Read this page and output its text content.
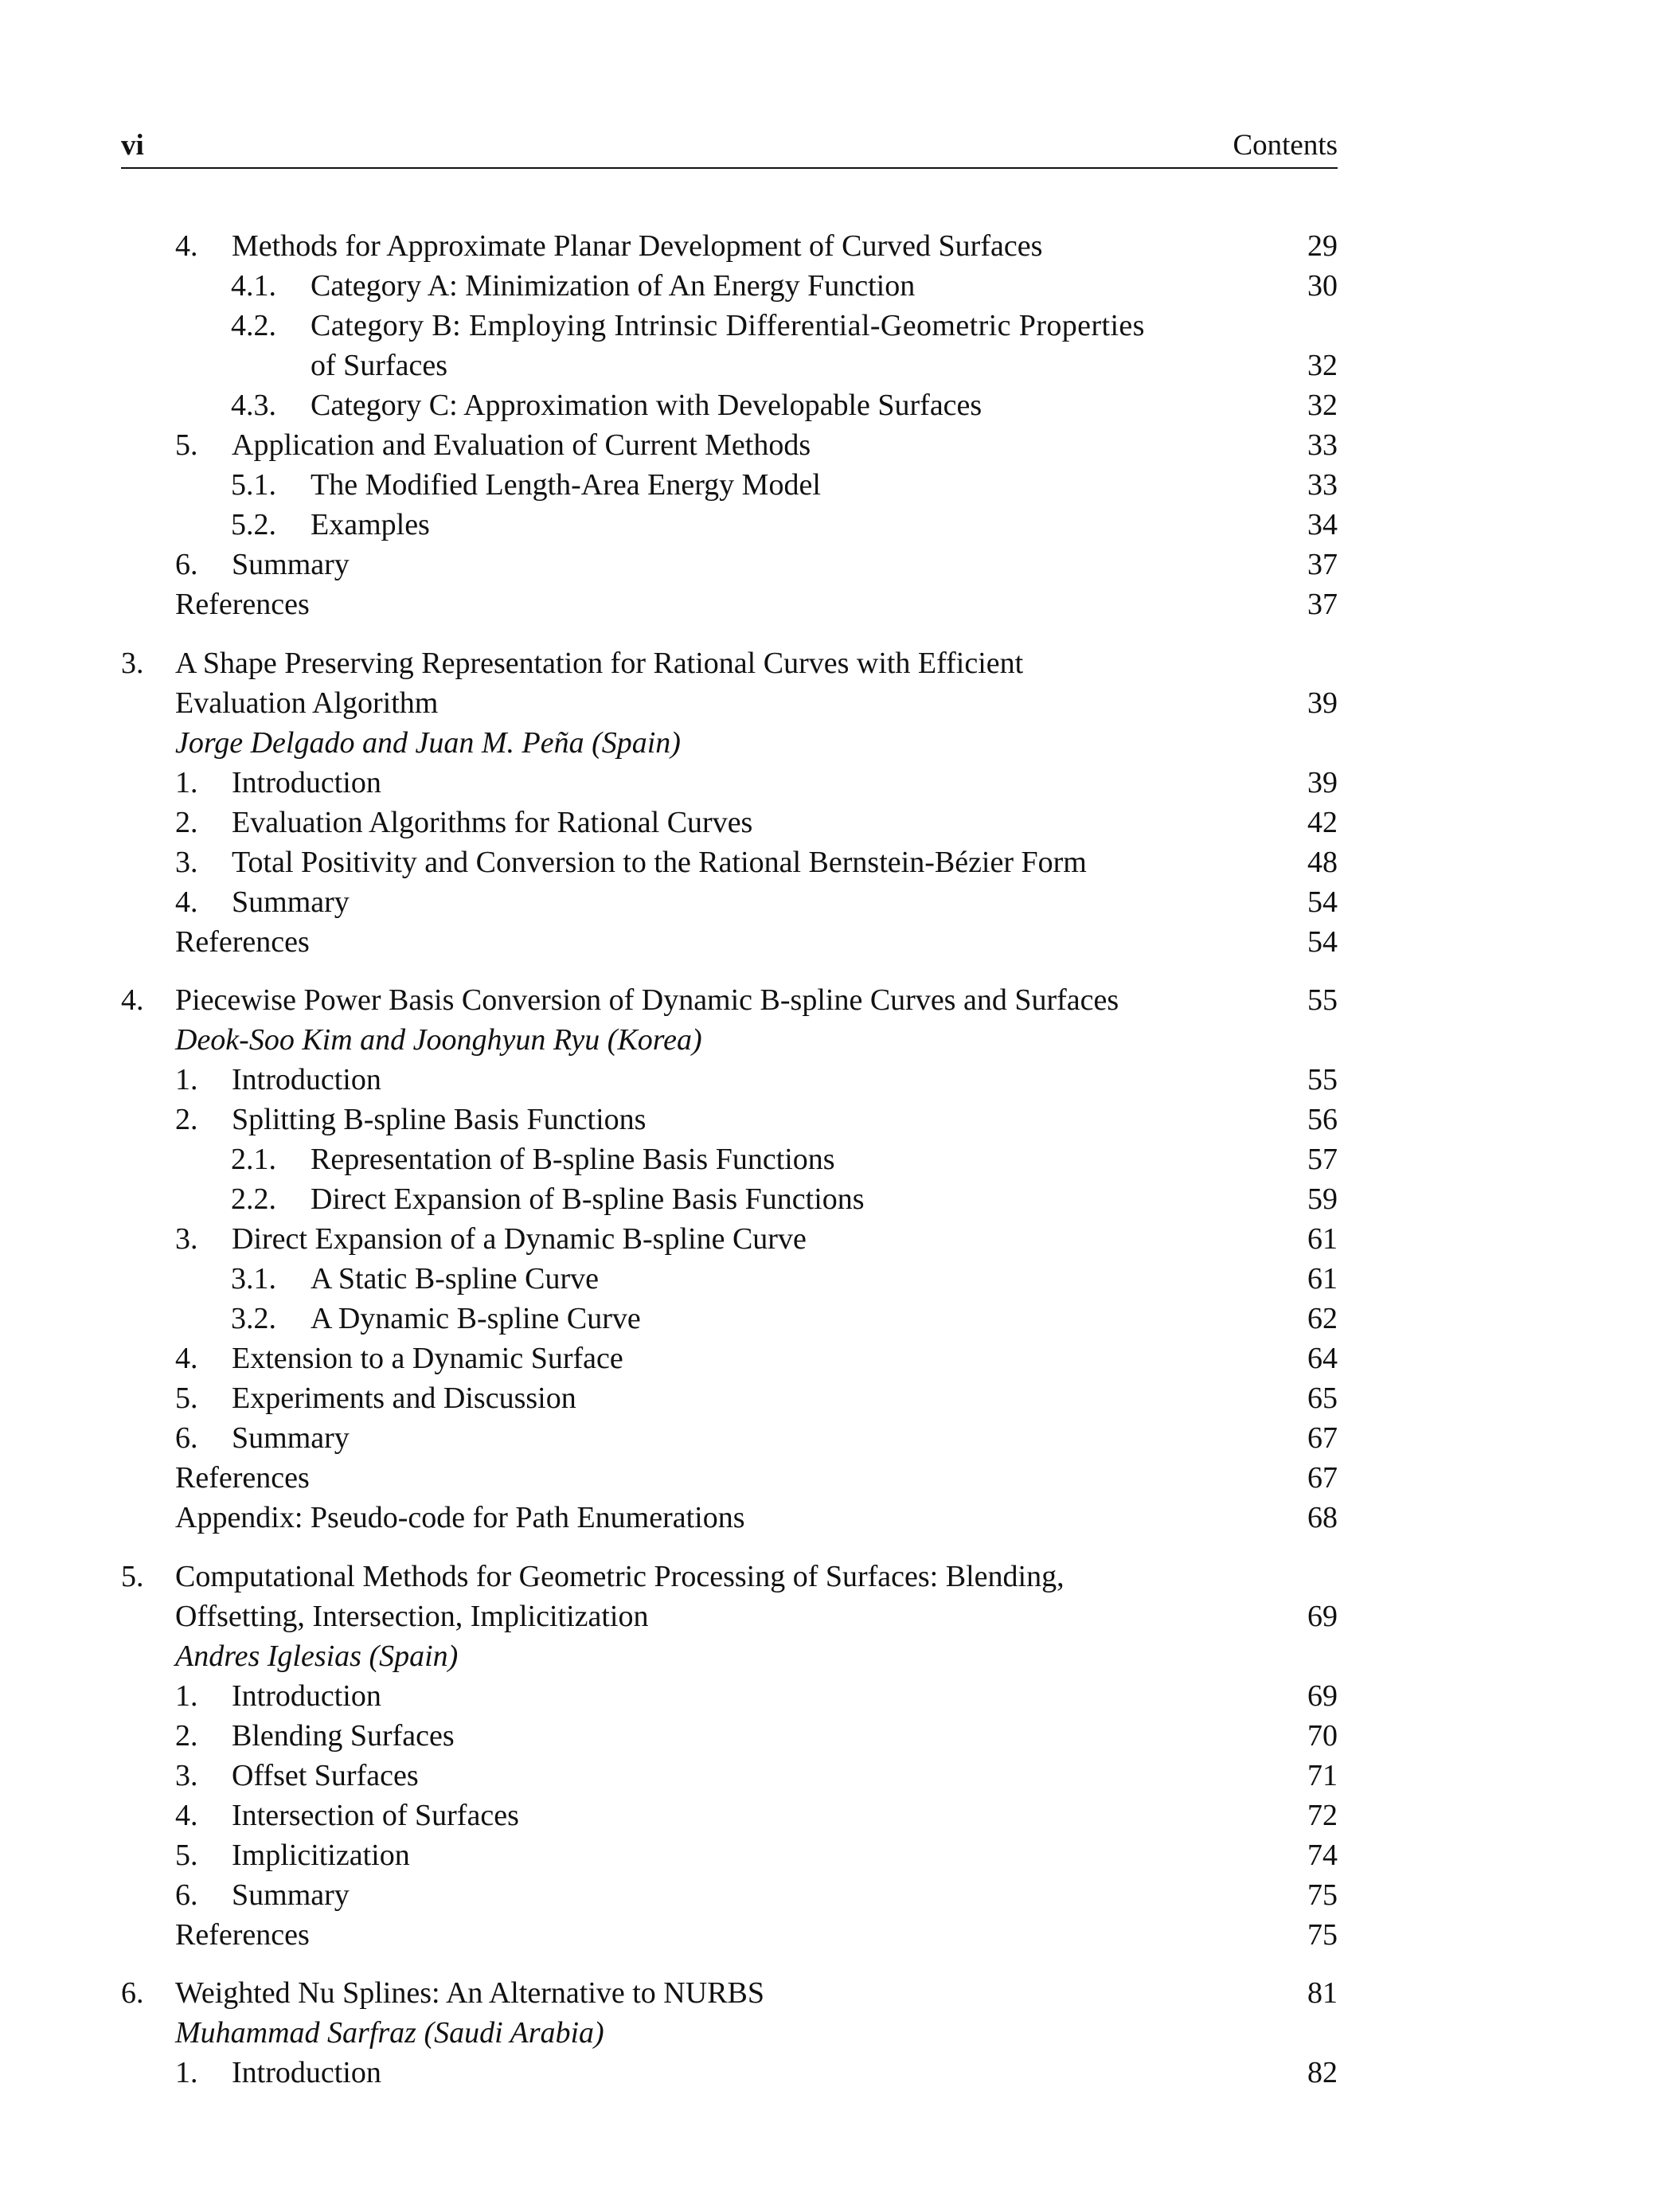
vi	Contents
4. Methods for Approximate Planar Development of Curved Surfaces	29
4.1. Category A: Minimization of An Energy Function	30
4.2. Category B: Employing Intrinsic Differential-Geometric Properties
of Surfaces	32
4.3. Category C: Approximation with Developable Surfaces	32
5. Application and Evaluation of Current Methods	33
5.1. The Modified Length-Area Energy Model	33
5.2. Examples	34
6. Summary	37
References	37
3. A Shape Preserving Representation for Rational Curves with Efficient
Evaluation Algorithm	39
Jorge Delgado and Juan M. Peña (Spain)
1. Introduction	39
2. Evaluation Algorithms for Rational Curves	42
3. Total Positivity and Conversion to the Rational Bernstein-Bézier Form	48
4. Summary	54
References	54
4. Piecewise Power Basis Conversion of Dynamic B-spline Curves and Surfaces	55
Deok-Soo Kim and Joonghyun Ryu (Korea)
1. Introduction	55
2. Splitting B-spline Basis Functions	56
2.1. Representation of B-spline Basis Functions	57
2.2. Direct Expansion of B-spline Basis Functions	59
3. Direct Expansion of a Dynamic B-spline Curve	61
3.1. A Static B-spline Curve	61
3.2. A Dynamic B-spline Curve	62
4. Extension to a Dynamic Surface	64
5. Experiments and Discussion	65
6. Summary	67
References	67
Appendix: Pseudo-code for Path Enumerations	68
5. Computational Methods for Geometric Processing of Surfaces: Blending,
Offsetting, Intersection, Implicitization	69
Andres Iglesias (Spain)
1. Introduction	69
2. Blending Surfaces	70
3. Offset Surfaces	71
4. Intersection of Surfaces	72
5. Implicitization	74
6. Summary	75
References	75
6. Weighted Nu Splines: An Alternative to NURBS	81
Muhammad Sarfraz (Saudi Arabia)
1. Introduction	82
